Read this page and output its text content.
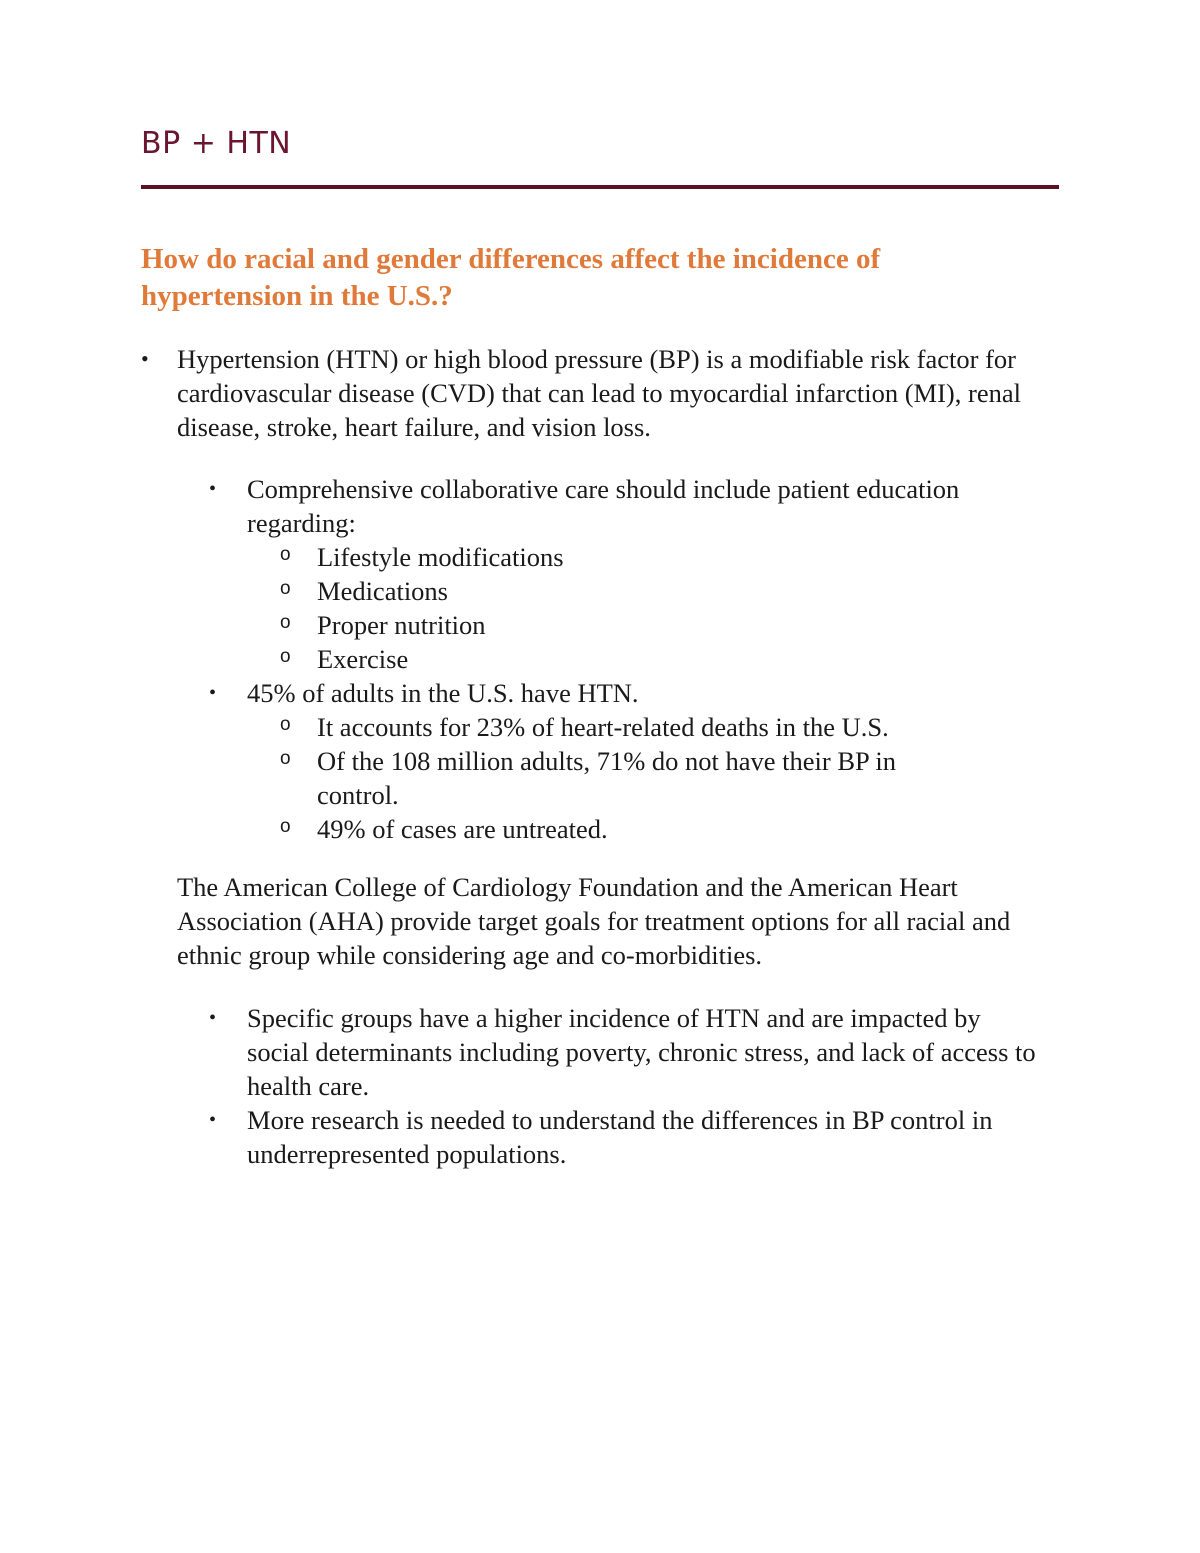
BP + HTN
How do racial and gender differences affect the incidence of hypertension in the U.S.?
• Hypertension (HTN) or high blood pressure (BP) is a modifiable risk factor for cardiovascular disease (CVD) that can lead to myocardial infarction (MI), renal disease, stroke, heart failure, and vision loss.
• Comprehensive collaborative care should include patient education regarding:
o Lifestyle modifications
o Medications
o Proper nutrition
o Exercise
• 45% of adults in the U.S. have HTN.
o It accounts for 23% of heart-related deaths in the U.S.
o Of the 108 million adults, 71% do not have their BP in control.
o 49% of cases are untreated.
The American College of Cardiology Foundation and the American Heart Association (AHA) provide target goals for treatment options for all racial and ethnic group while considering age and co-morbidities.
• Specific groups have a higher incidence of HTN and are impacted by social determinants including poverty, chronic stress, and lack of access to health care.
• More research is needed to understand the differences in BP control in underrepresented populations.
